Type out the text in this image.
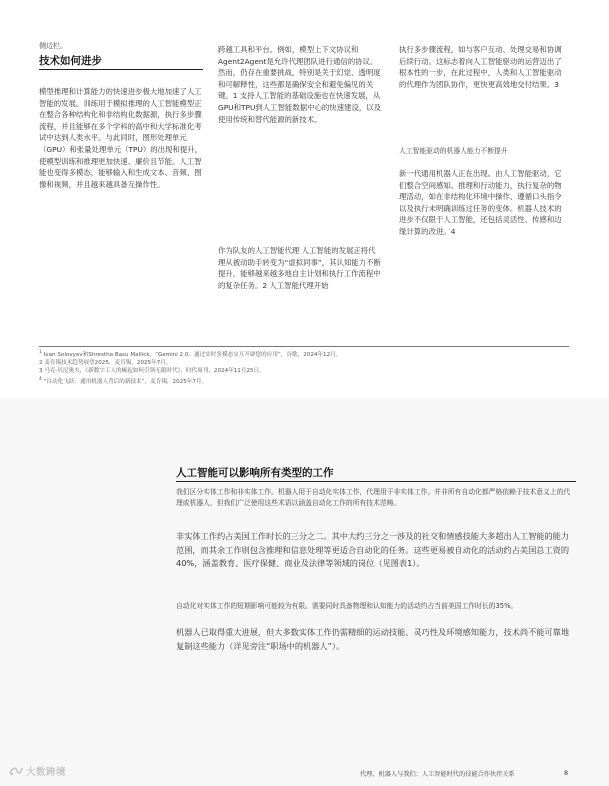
侧边栏。
技术如何进步

模型推理和计算能力的快速进步极大地加速了人工智能的发展。训练用于模拟推理的人工智能模型正在整合各种结构化和非结构化数据源，执行多步骤流程，并且能够在多个学科的高中和大学标准化考试中达到人类水平。与此同时，图形处理单元（GPU）和张量处理单元（TPU）的出现和提升，使模型训练和推理更加快速、廉价且节能。人工智能也变得多模态，能够输入和生成文本、音频、图像和视频，并且越来越具备互操作性。

跨越工具和平台。例如，模型上下文协议和Agent2Agent是允许代理团队进行通信的协议。然而，仍存在重要挑战，特别是关于幻觉、透明度和可解释性，这些都是确保安全和避免偏见的关键。1 支持人工智能的基础设施也在快速发展，从GPU和TPU到人工智能数据中心的快速建设，以及使用传统和替代能源的新技术。

作为队友的人工智能代理 人工智能的发展正将代理从被动助手转变为“虚拟同事”，其认知能力不断提升，能够越来越多地自主计划和执行工作流程中的复杂任务。2 人工智能代理开始

执行多步骤流程，如与客户互动、处理交易和协调后续行动。这标志着向人工智能驱动的运营迈出了根本性的一步，在此过程中，人类和人工智能驱动的代理作为团队协作，更快更高效地交付结果。3

人工智能驱动的机器人能力不断提升

新一代通用机器人正在出现。由人工智能驱动，它们整合空间感知、推理和行动能力，执行复杂的物理活动，如在非结构化环境中操作、遵循口头指令以及执行未明确训练过任务的变体。机器人技术的进步不仅限于人工智能，还包括灵活性、传感和边缘计算的改进。4

$^1$ Ivan Solovyev和Shrestha Basu Mallick，“Gemini 2.0：通过实时多模态交互开辟您的应用”，谷歌，2024年12月。
2 麦肯锡技术趋势展望2025，麦肯锡，2025年7月。
3 马克·贝尼奥夫，《新数字工人的崛起如何引领无限时代》，时代周刊，2024年11月25日。
$^4$ “自动化飞跃：通用机器人背后的新技术”，麦肯锡，2025年7月。
人工智能可以影响所有类型的工作
我们区分实体工作和非实体工作。机器人用于自动化实体工作，代理用于非实体工作。并非所有自动化都严格依赖于技术意义上的代理或机器人，但我们广泛使用这些术语以涵盖自动化工作的所有技术范畴。
非实体工作约占美国工作时长的三分之二。其中大约三分之一涉及的社交和情感技能大多超出人工智能的能力范围，而其余工作则包含推理和信息处理等更适合自动化的任务。这些更易被自动化的活动约占美国总工资的40%，涵盖教育、医疗保健、商业及法律等领域的岗位（见图表1）。
自动化对实体工作的短期影响可能较为有限。需要同时具备物理和认知能力的活动约占当前美国工作时长的35%。
机器人已取得重大进展，但大多数实体工作仍需精细的运动技能、灵巧性及环境感知能力，技术尚不能可靠地复制这些能力（详见旁注“职场中的机器人”）。
大数跨境	代理、机器人与我们：人工智能时代的技能合作伙伴关系	8
